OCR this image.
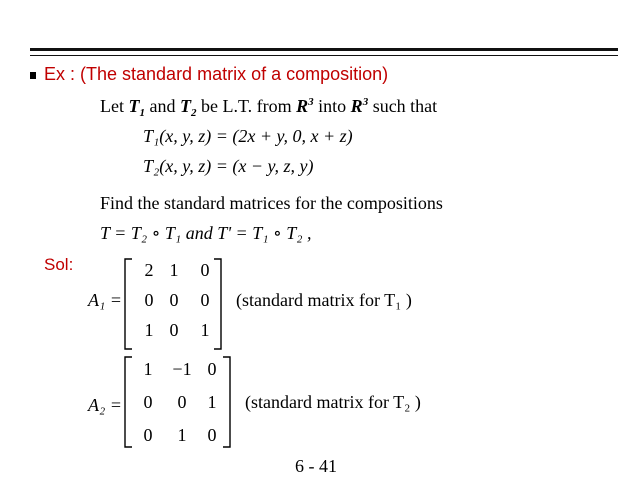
Ex : (The standard matrix of a composition)
Let $T_1$ and $T_2$ be L.T. from $R^3$ into $R^3$ such that
T₁(x, y, z) = (2x + y, 0, x + z)
T₂(x, y, z) = (x − y, z, y)
Find the standard matrices for the compositions
T = T₂ ∘ T₁ and T' = T₁ ∘ T₂ ,
Sol:
A₁ =
2 1	0
0 0	0
1 0	1
(standard matrix for T₁ )
A₂ =
1	−1 0
0	0	1
0	1	0
(standard matrix for T₂ )
6 - 41
